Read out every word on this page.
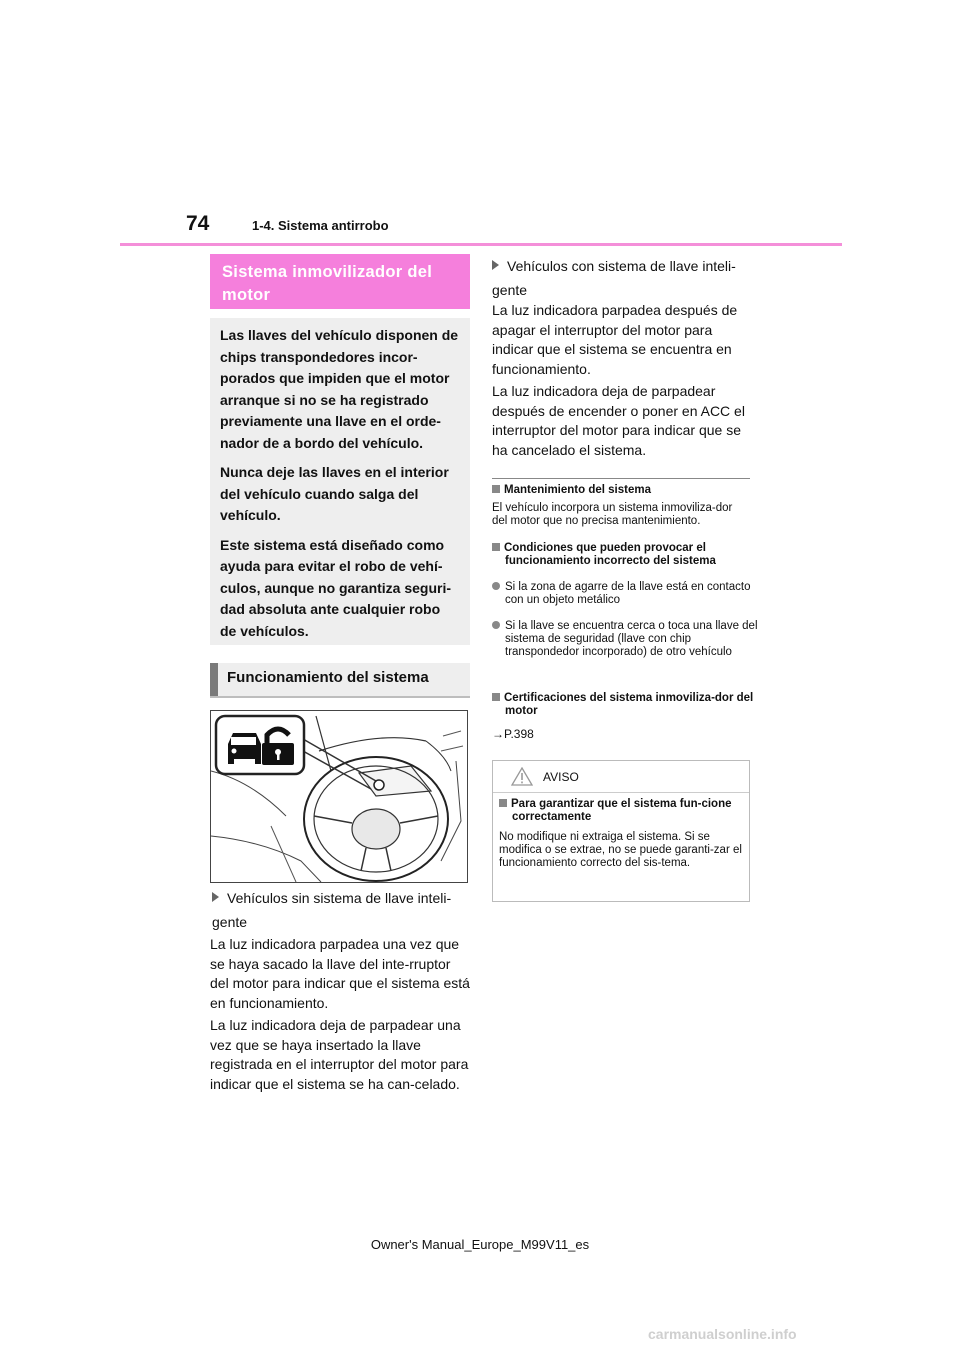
74	1-4. Sistema antirrobo
Sistema inmovilizador del motor

Las llaves del vehículo disponen de chips transpondedores incor-porados que impiden que el motor arranque si no se ha registrado previamente una llave en el orde-nador de a bordo del vehículo.

Nunca deje las llaves en el interior del vehículo cuando salga del vehículo.

Este sistema está diseñado como ayuda para evitar el robo de vehí-culos, aunque no garantiza seguri-dad absoluta ante cualquier robo de vehículos.

Funcionamiento del sistema
Vehículos sin sistema de llave inteli-gente
La luz indicadora parpadea una vez que se haya sacado la llave del inte-rruptor del motor para indicar que el sistema está en funcionamiento.
La luz indicadora deja de parpadear una vez que se haya insertado la llave registrada en el interruptor del motor para indicar que el sistema se ha can-celado.
Vehículos con sistema de llave inteli-gente
La luz indicadora parpadea después de apagar el interruptor del motor para indicar que el sistema se encuentra en funcionamiento.
La luz indicadora deja de parpadear después de encender o poner en ACC el interruptor del motor para indicar que se ha cancelado el sistema.
Mantenimiento del sistema
El vehículo incorpora un sistema inmoviliza-dor del motor que no precisa mantenimiento.
Condiciones que pueden provocar el funcionamiento incorrecto del sistema
Si la zona de agarre de la llave está en contacto con un objeto metálico
Si la llave se encuentra cerca o toca una llave del sistema de seguridad (llave con chip transpondedor incorporado) de otro vehículo
Certificaciones del sistema inmoviliza-dor del motor
→P.398
AVISO
Para garantizar que el sistema fun-cione correctamente
No modifique ni extraiga el sistema. Si se modifica o se extrae, no se puede garanti-zar el funcionamiento correcto del sis-tema.
Owner's Manual_Europe_M99V11_es
carmanualsonline.info
